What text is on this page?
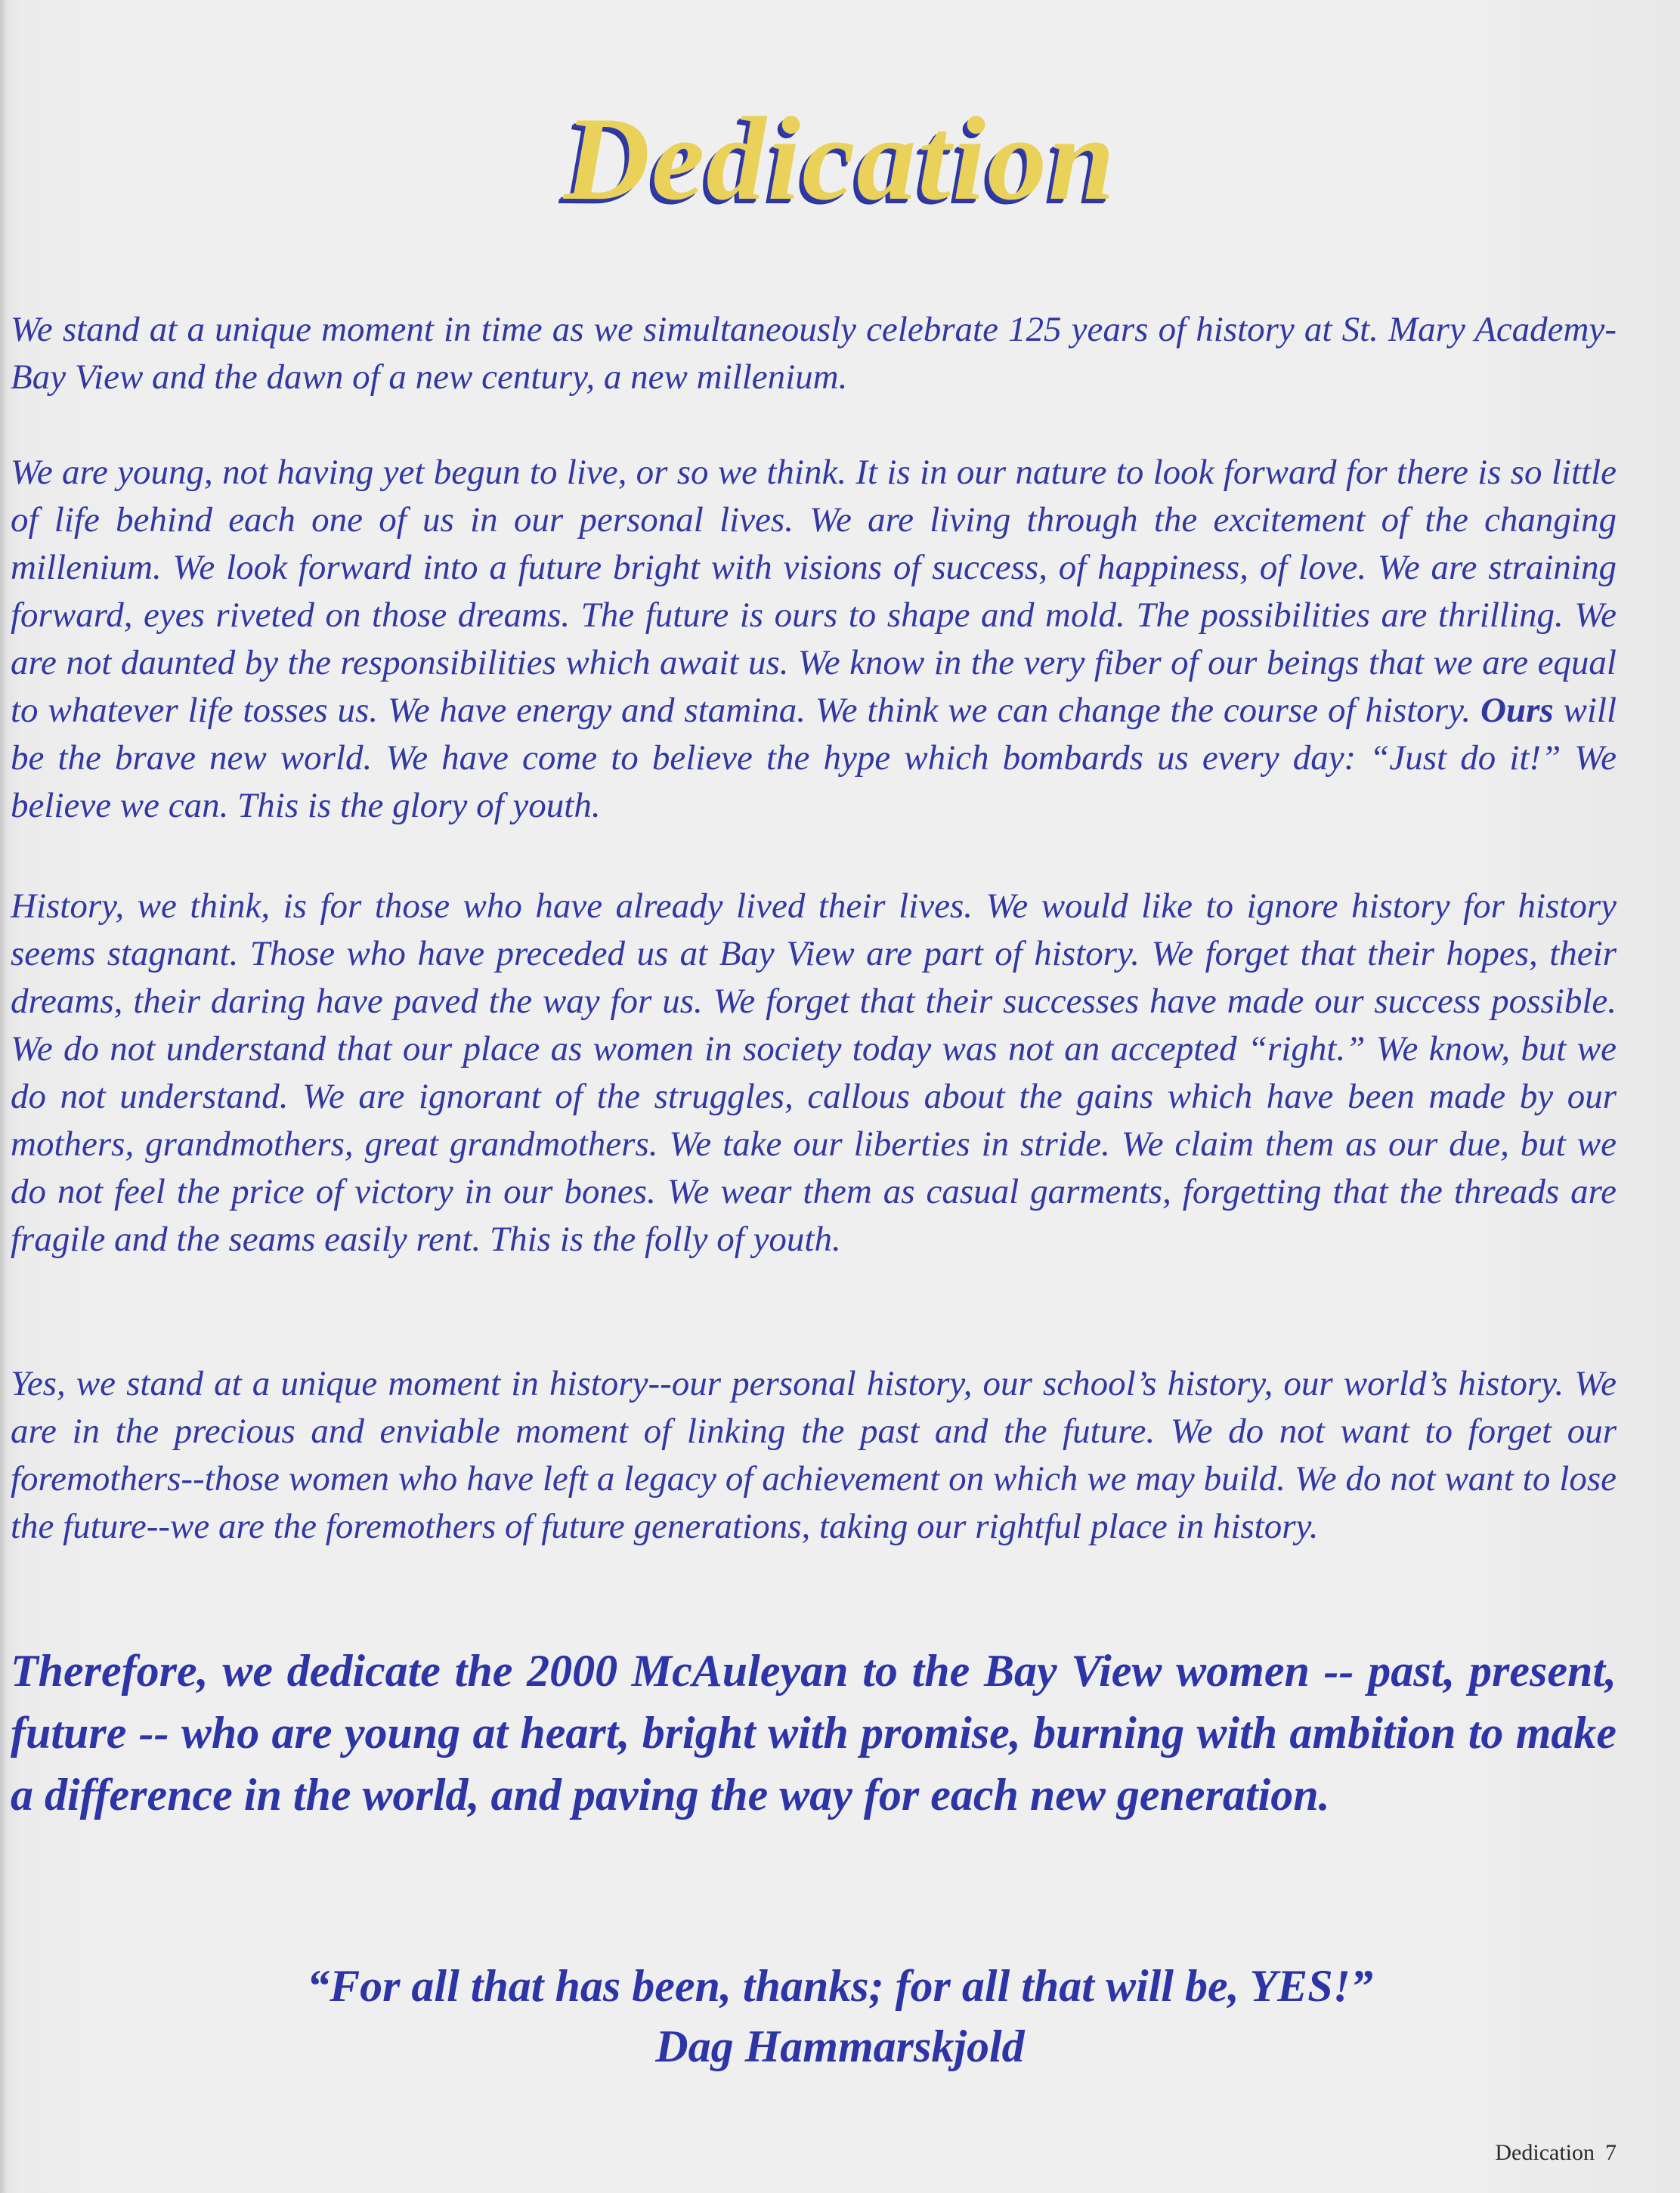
Dedication

We stand at a unique moment in time as we simultaneously celebrate 125 years of history at St. Mary Academy-Bay View and the dawn of a new century, a new millenium.

We are young, not having yet begun to live, or so we think. It is in our nature to look forward for there is so little of life behind each one of us in our personal lives. We are living through the excitement of the changing millenium. We look forward into a future bright with visions of success, of happiness, of love. We are straining forward, eyes riveted on those dreams. The future is ours to shape and mold. The possibilities are thrilling. We are not daunted by the responsibilities which await us. We know in the very fiber of our beings that we are equal to whatever life tosses us. We have energy and stamina. We think we can change the course of history. Ours will be the brave new world. We have come to believe the hype which bombards us every day: “Just do it!” We believe we can. This is the glory of youth.

History, we think, is for those who have already lived their lives. We would like to ignore history for history seems stagnant. Those who have preceded us at Bay View are part of history. We forget that their hopes, their dreams, their daring have paved the way for us. We forget that their successes have made our success possible. We do not understand that our place as women in society today was not an accepted “right.” We know, but we do not understand. We are ignorant of the struggles, callous about the gains which have been made by our mothers, grandmothers, great grandmothers. We take our liberties in stride. We claim them as our due, but we do not feel the price of victory in our bones. We wear them as casual garments, forgetting that the threads are fragile and the seams easily rent. This is the folly of youth.

Yes, we stand at a unique moment in history--our personal history, our school’s history, our world’s history. We are in the precious and enviable moment of linking the past and the future. We do not want to forget our foremothers--those women who have left a legacy of achievement on which we may build. We do not want to lose the future--we are the foremothers of future generations, taking our rightful place in history.

Therefore, we dedicate the 2000 McAuleyan to the Bay View women -- past, present, future -- who are young at heart, bright with promise, burning with ambition to make a difference in the world, and paving the way for each new generation.

“For all that has been, thanks; for all that will be, YES!”

Dag Hammarskjold

Dedication 7
